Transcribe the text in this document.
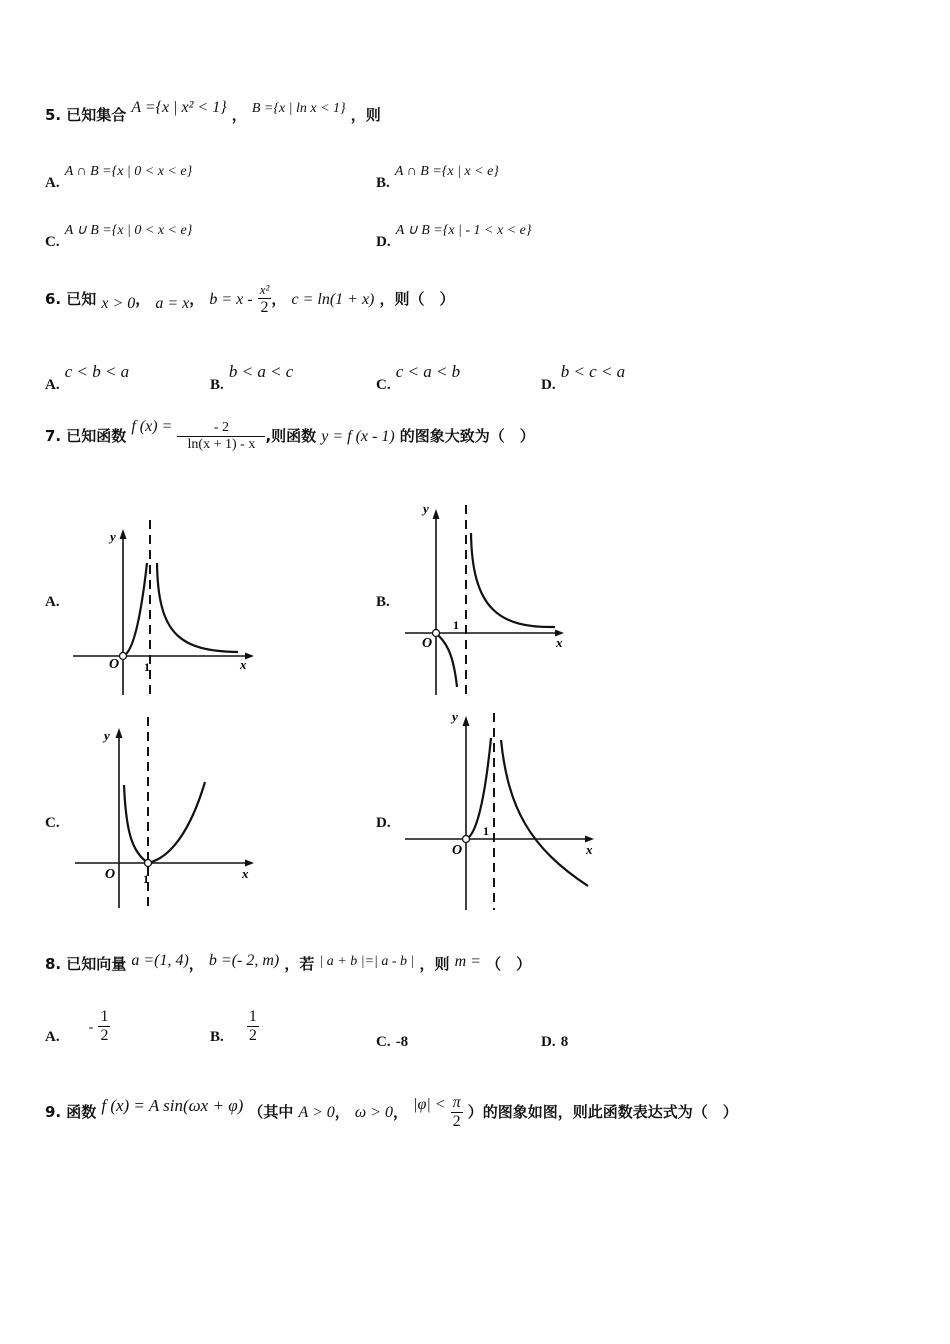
5. 已知集合 A ={x | x² < 1} ， B ={x | ln x < 1} ，则
A. A ∩ B ={x | 0 < x < e}
B. A ∩ B ={x | x < e}
C. A ∪ B ={x | 0 < x < e}
D. A ∪ B ={x | - 1 < x < e}
6. 已知 x > 0， a = x， $b = x - \frac{\text{x²}}{2}$ ， c = ln(1 + x) ，则（　）
A. c < b < a
B. b < a < c
C. c < a < b
D. b < c < a
7. 已知函数 f $(x) = \frac{- 2}{\ln(x + 1) - x}$ ,则函数 y = f (x - 1) 的图象大致为（　）
A.	B.
C.	D.
y
x
O 1
y
x
O
1
y
x
O 1
y
x
O
1
8. 已知向量 a =(1, 4)， b =(- 2, m) ，若 | a + b |=| a - b | ，则 m = （　）
A. - $\frac{1}{2}$	B. $\frac{1}{2}$	C. -8	D. 8
9. 函数 f (x) = A sin(ωx + φ) （其中 A > 0， ω > 0， $|\varphi| < \frac{\pi}{2}$ ）的图象如图，则此函数表达式为（　）
